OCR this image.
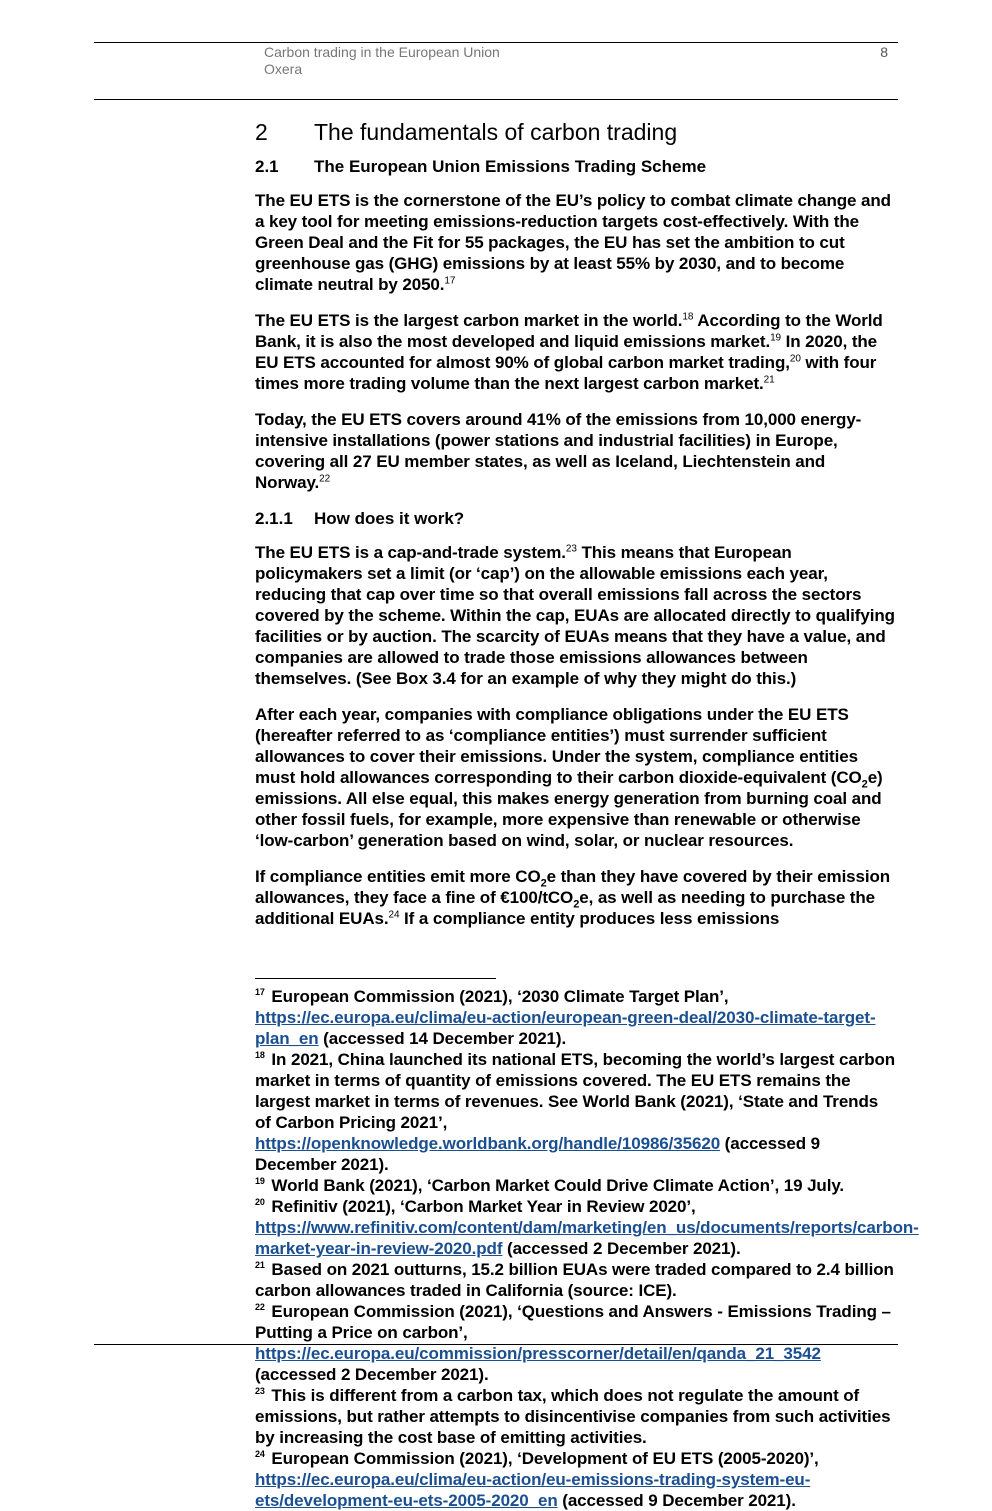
Carbon trading in the European Union
Oxera
8
2	The fundamentals of carbon trading
2.1	The European Union Emissions Trading Scheme

The EU ETS is the cornerstone of the EU’s policy to combat climate change and a key tool for meeting emissions-reduction targets cost-effectively. With the Green Deal and the Fit for 55 packages, the EU has set the ambition to cut greenhouse gas (GHG) emissions by at least 55% by 2030, and to become climate neutral by 2050.17

The EU ETS is the largest carbon market in the world.$^{18}$ According to the World Bank, it is also the most developed and liquid emissions market.$^{19}$ In 2020, the EU ETS accounted for almost 90% of global carbon market trading,$^{20}$ with four times more trading volume than the next largest carbon market.$^{21}$

Today, the EU ETS covers around 41% of the emissions from 10,000 energy-intensive installations (power stations and industrial facilities) in Europe, covering all 27 EU member states, as well as Iceland, Liechtenstein and Norway.$^{22}$

2.1.1	How does it work?

The EU ETS is a cap-and-trade system.$^{23}$ This means that European policymakers set a limit (or ‘cap’) on the allowable emissions each year, reducing that cap over time so that overall emissions fall across the sectors covered by the scheme. Within the cap, EUAs are allocated directly to qualifying facilities or by auction. The scarcity of EUAs means that they have a value, and companies are allowed to trade those emissions allowances between themselves. (See Box 3.4 for an example of why they might do this.)

After each year, companies with compliance obligations under the EU ETS (hereafter referred to as ‘compliance entities’) must surrender sufficient allowances to cover their emissions. Under the system, compliance entities must hold allowances corresponding to their carbon dioxide-equivalent $(CO_2e)$ emissions. All else equal, this makes energy generation from burning coal and other fossil fuels, for example, more expensive than renewable or otherwise ‘low-carbon’ generation based on wind, solar, or nuclear resources.

If compliance entities emit more $CO_2e$ than they have covered by their emission allowances, they face a fine of €100/tCO$_2$e, as well as needing to purchase the additional EUAs.$^{24}$ If a compliance entity produces less emissions

$^{17}$ European Commission (2021), ‘2030 Climate Target Plan’, https://ec.europa.eu/clima/eu-action/european-green-deal/2030-climate-target-plan_en (accessed 14 December 2021).

$^{18}$ In 2021, China launched its national ETS, becoming the world’s largest carbon market in terms of quantity of emissions covered. The EU ETS remains the largest market in terms of revenues. See World Bank (2021), ‘State and Trends of Carbon Pricing 2021’, https://openknowledge.worldbank.org/handle/10986/35620 (accessed 9 December 2021).

$^{19}$ World Bank (2021), ‘Carbon Market Could Drive Climate Action’, 19 July.

$^{20}$ Refinitiv (2021), ‘Carbon Market Year in Review 2020’, https://www.refinitiv.com/content/dam/marketing/en_us/documents/reports/carbon-market-year-in-review-2020.pdf (accessed 2 December 2021).

$^{21}$ Based on 2021 outturns, 15.2 billion EUAs were traded compared to 2.4 billion carbon allowances traded in California (source: ICE).

$^{22}$ European Commission (2021), ‘Questions and Answers - Emissions Trading – Putting a Price on carbon’, https://ec.europa.eu/commission/presscorner/detail/en/qanda_21_3542 (accessed 2 December 2021).

$^{23}$ This is different from a carbon tax, which does not regulate the amount of emissions, but rather attempts to disincentivise companies from such activities by increasing the cost base of emitting activities.

$^{24}$ European Commission (2021), ‘Development of EU ETS (2005-2020)’, https://ec.europa.eu/clima/eu-action/eu-emissions-trading-system-eu-ets/development-eu-ets-2005-2020_en (accessed 9 December 2021).
